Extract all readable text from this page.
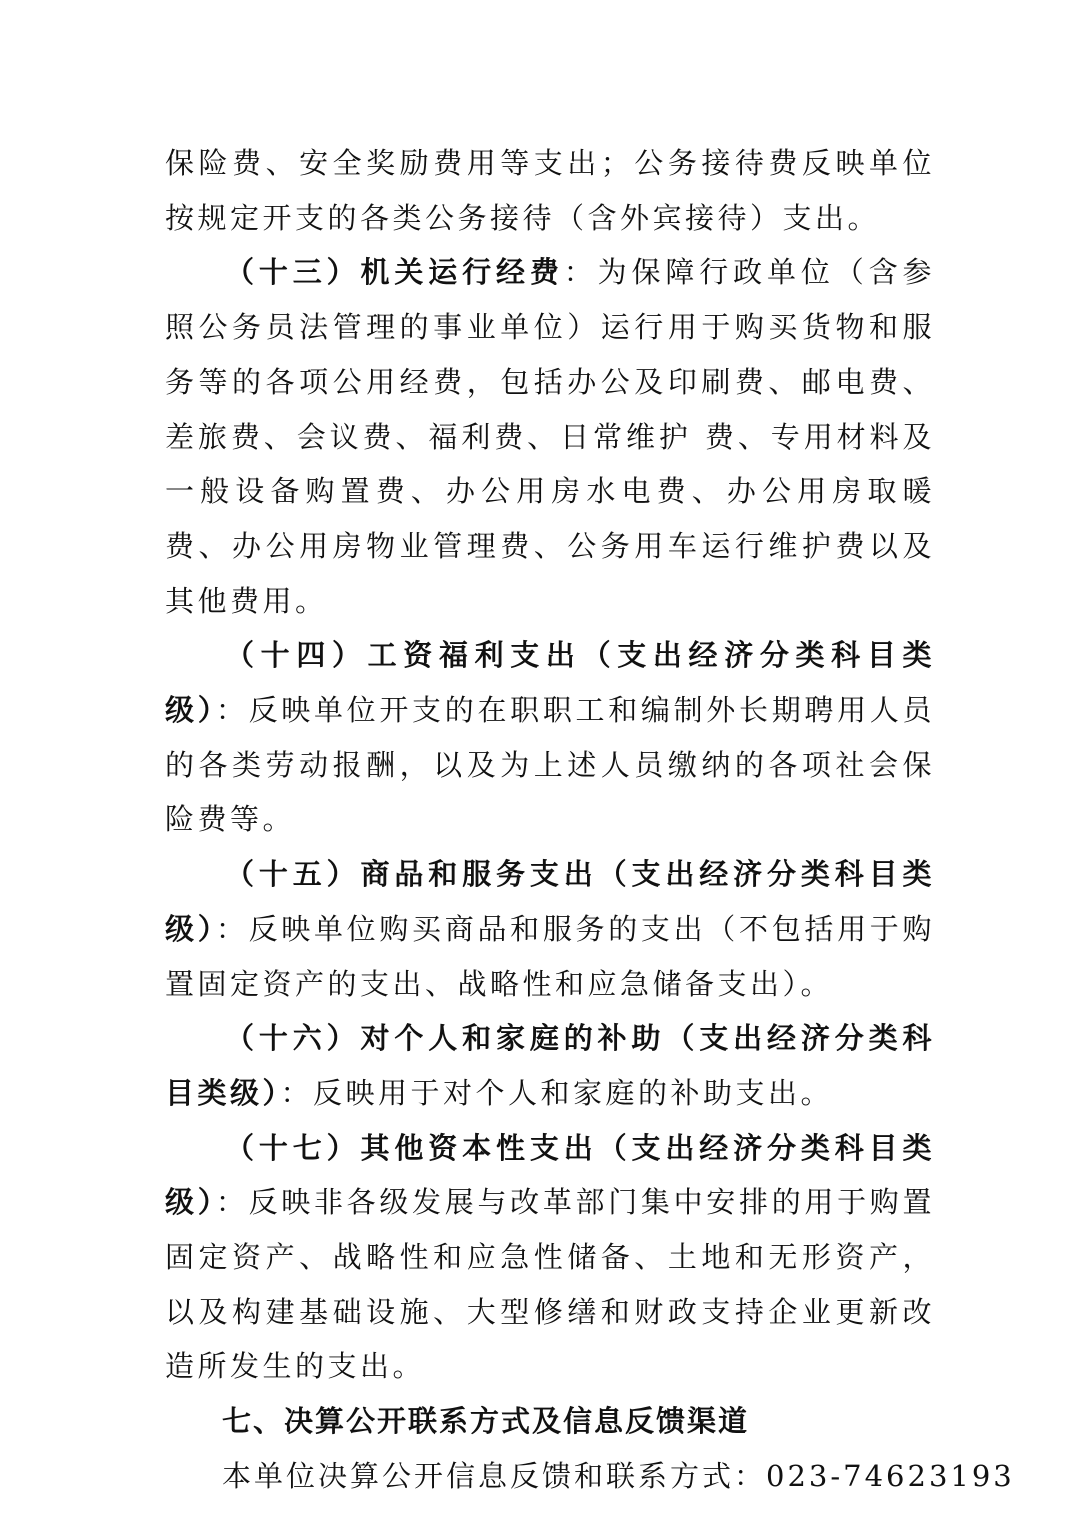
保险费、安全奖励费用等支出；公务接待费反映单位按规定开支的各类公务接待（含外宾接待）支出。

（十三）机关运行经费：为保障行政单位（含参照公务员法管理的事业单位）运行用于购买货物和服务等的各项公用经费，包括办公及印刷费、邮电费、差旅费、会议费、福利费、日常维护 费、专用材料及一般设备购置费、办公用房水电费、办公用房取暖费、办公用房物业管理费、公务用车运行维护费以及其他费用。

（十四）工资福利支出（支出经济分类科目类级）：反映单位开支的在职职工和编制外长期聘用人员的各类劳动报酬，以及为上述人员缴纳的各项社会保险费等。

（十五）商品和服务支出（支出经济分类科目类级）：反映单位购买商品和服务的支出（不包括用于购置固定资产的支出、战略性和应急储备支出）。

（十六）对个人和家庭的补助（支出经济分类科目类级）：反映用于对个人和家庭的补助支出。

（十七）其他资本性支出（支出经济分类科目类级）：反映非各级发展与改革部门集中安排的用于购置固定资产、战略性和应急性储备、土地和无形资产，以及构建基础设施、大型修缮和财政支持企业更新改造所发生的支出。

七、决算公开联系方式及信息反馈渠道

本单位决算公开信息反馈和联系方式：023-74623193
